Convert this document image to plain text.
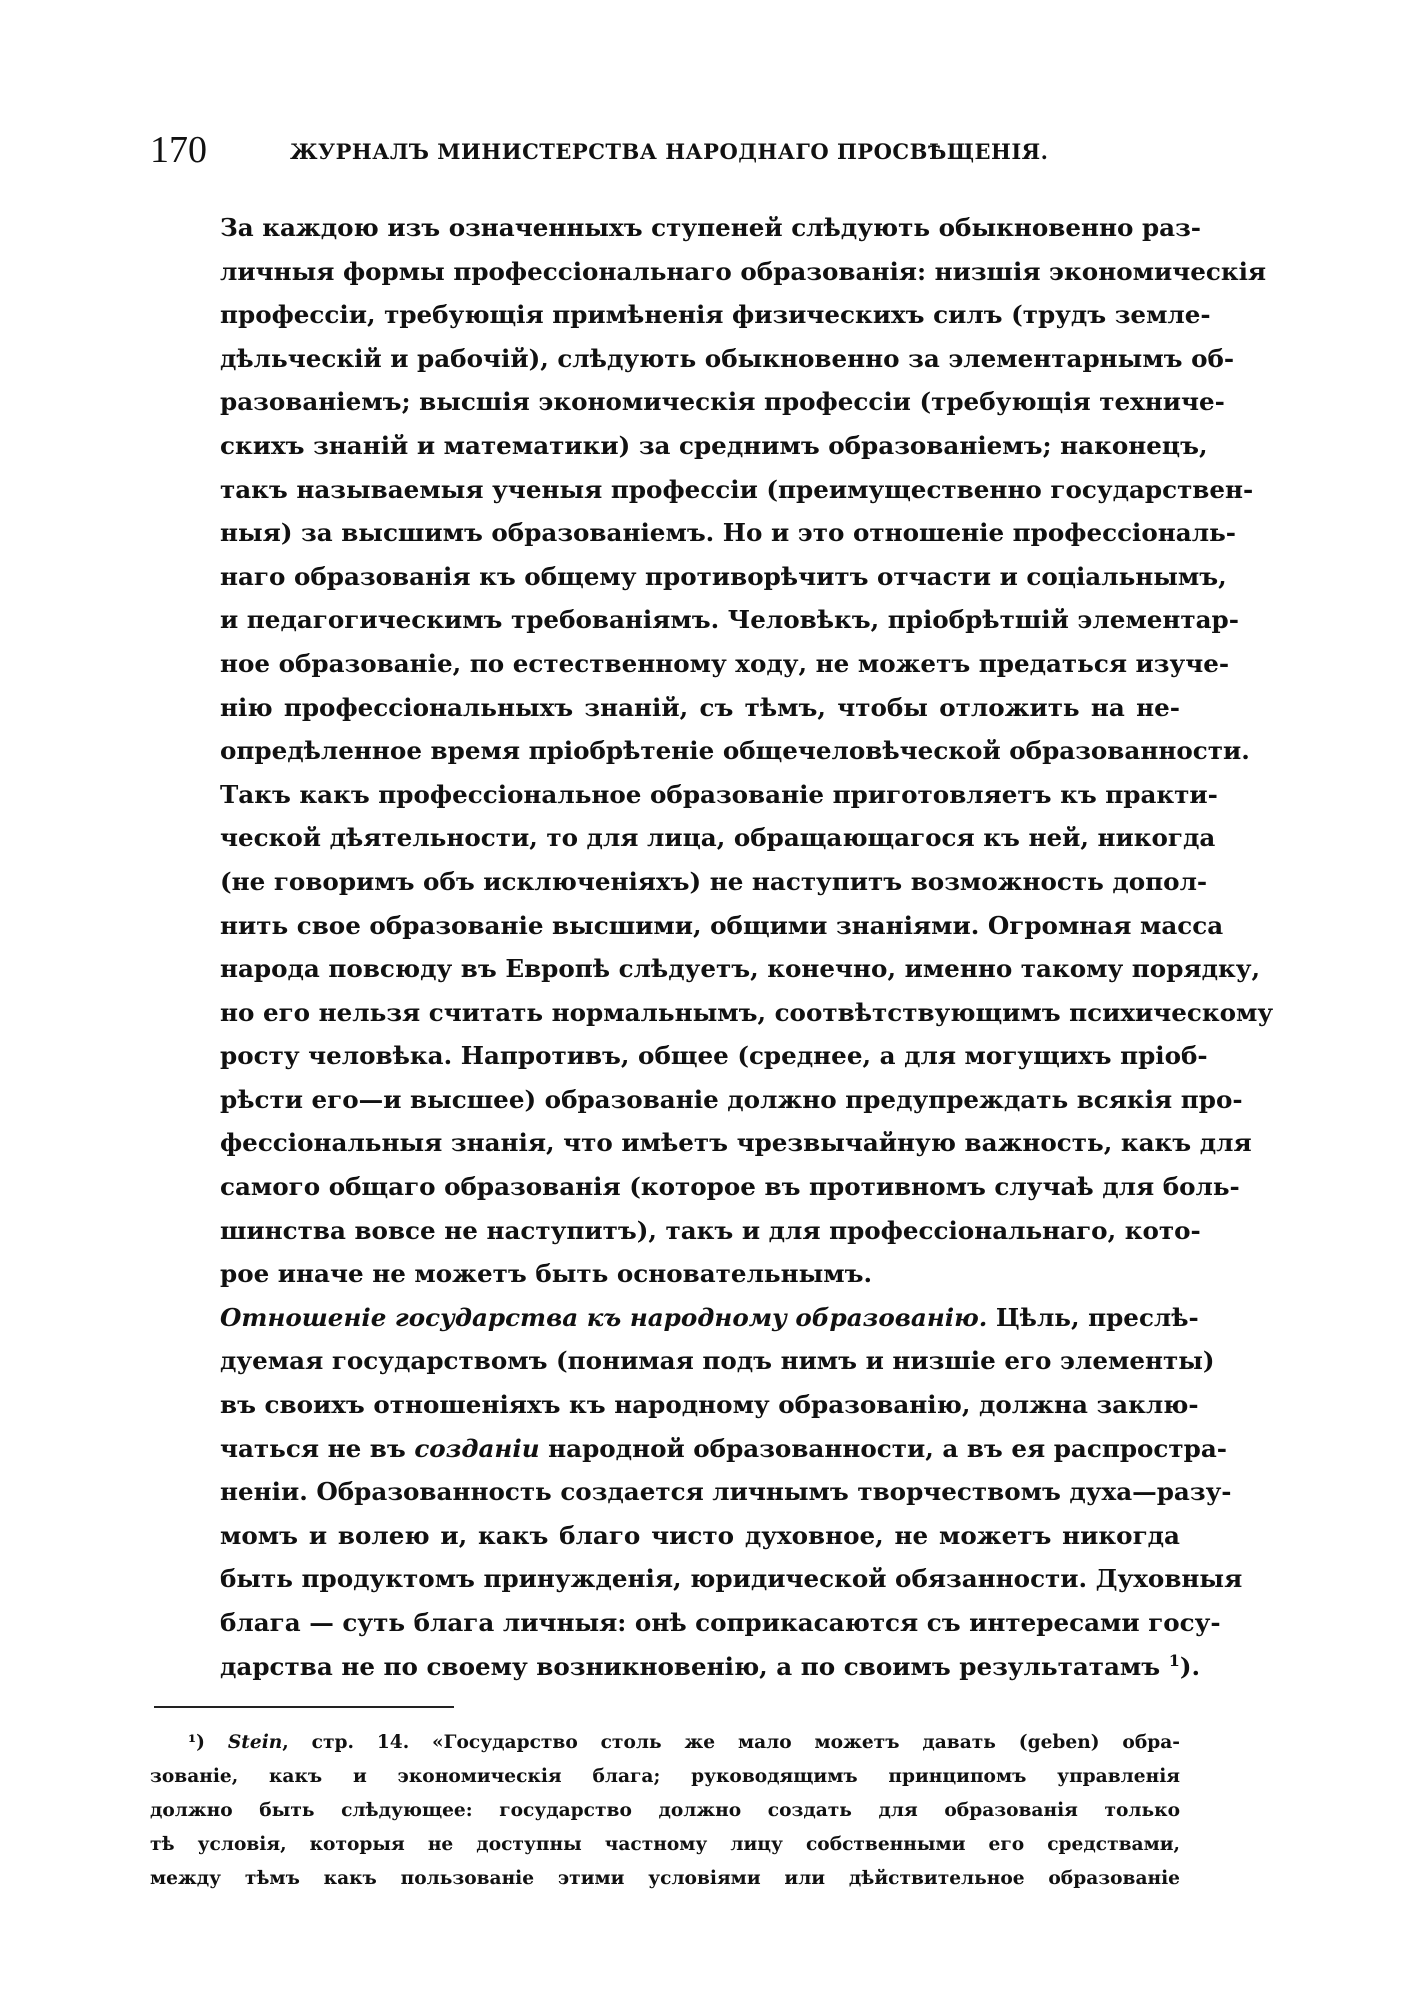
170	ЖУРНАЛЪ МИНИСТЕРСТВА НАРОДНАГО ПРОСВѢЩЕНІЯ.

За каждою изъ означенныхъ ступеней слѣдують обыкновенно раз-
личныя формы профессіональнаго образованія: низшія экономическія
профессіи, требующія примѣненія физическихъ силъ (трудъ земле-
дѣльческій и рабочій), слѣдують обыкновенно за элементарнымъ об-
разованіемъ; высшія экономическія профессіи (требующія техниче-
скихъ знаній и математики) за среднимъ образованіемъ; наконецъ,
такъ называемыя ученыя профессіи (преимущественно государствен-
ныя) за высшимъ образованіемъ. Но и это отношеніе профессіональ-
наго образованія къ общему противорѣчитъ отчасти и соціальнымъ,
и педагогическимъ требованіямъ. Человѣкъ, пріобрѣтшій элементар-
ное образованіе, по естественному ходу, не можетъ предаться изуче-
нію профессіональныхъ знаній, съ тѣмъ, чтобы отложить на не-
опредѣленное время пріобрѣтеніе общечеловѣческой образованности.
Такъ какъ профессіональное образованіе приготовляетъ къ практи-
ческой дѣятельности, то для лица, обращающагося къ ней, никогда
(не говоримъ объ исключеніяхъ) не наступитъ возможность допол-
нить свое образованіе высшими, общими знаніями. Огромная масса
народа повсюду въ Европѣ слѣдуетъ, конечно, именно такому порядку,
но его нельзя считать нормальнымъ, соотвѣтствующимъ психическому
росту человѣка. Напротивъ, общее (среднее, а для могущихъ пріоб-
рѣсти его—и высшее) образованіе должно предупреждать всякія про-
фессіональныя знанія, что имѣетъ чрезвычайную важность, какъ для
самого общаго образованія (которое въ противномъ случаѣ для боль-
шинства вовсе не наступитъ), такъ и для профессіональнаго, кото-
рое иначе не можетъ быть основательнымъ.

Отношеніе государства къ народному образованію. Цѣль, преслѣ-
дуемая государствомъ (понимая подъ нимъ и низшіе его элементы)
въ своихъ отношеніяхъ къ народному образованію, должна заклю-
чаться не въ созданіи народной образованности, а въ ея распростра-
неніи. Образованность создается личнымъ творчествомъ духа—разу-
момъ и волею и, какъ благо чисто духовное, не можетъ никогда
быть продуктомъ принужденія, юридической обязанности. Духовныя
блага — суть блага личныя: онѣ соприкасаются съ интересами госу-
дарства не по своему возникновенію, а по своимъ результатамъ $^1$).

¹) Stein, стр. 14. «Государство столь же мало можетъ давать (geben) обра-
зованіе, какъ и экономическія блага; руководящимъ принципомъ управленія
должно быть слѣдующее: государство должно создать для образованія только
тѣ условія, которыя не доступны частному лицу собственными его средствами,
между тѣмъ какъ пользованіе этими условіями или дѣйствительное образованіе
